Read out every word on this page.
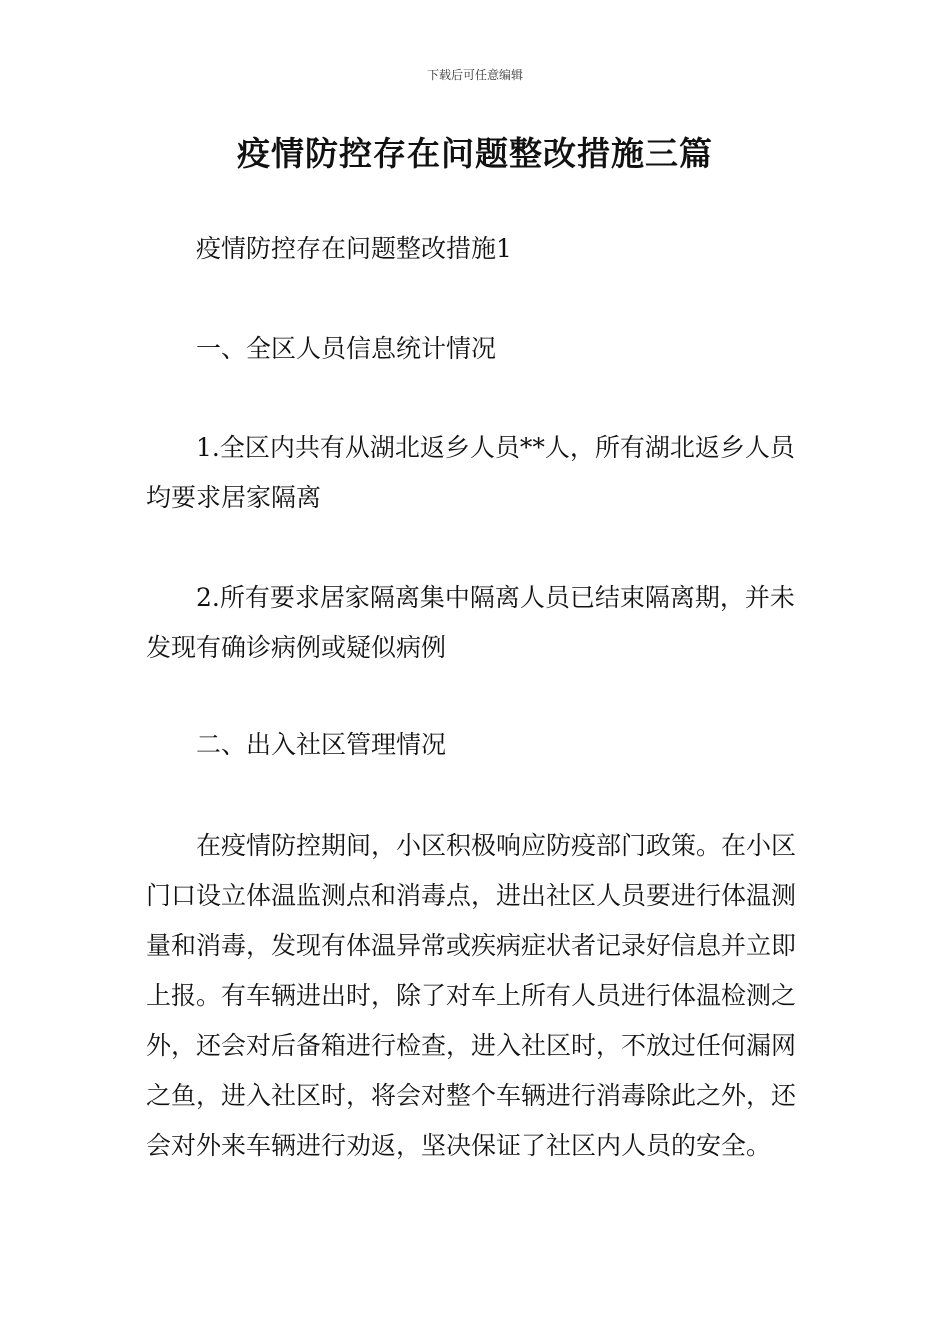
下载后可任意编辑
疫情防控存在问题整改措施三篇

疫情防控存在问题整改措施1

一、全区人员信息统计情况

1.全区内共有从湖北返乡人员**人，所有湖北返乡人员均要求居家隔离

2.所有要求居家隔离集中隔离人员已结束隔离期，并未发现有确诊病例或疑似病例

二、出入社区管理情况

在疫情防控期间，小区积极响应防疫部门政策。在小区门口设立体温监测点和消毒点，进出社区人员要进行体温测量和消毒，发现有体温异常或疾病症状者记录好信息并立即上报。有车辆进出时，除了对车上所有人员进行体温检测之外，还会对后备箱进行检查，进入社区时，不放过任何漏网之鱼，进入社区时，将会对整个车辆进行消毒除此之外，还会对外来车辆进行劝返，坚决保证了社区内人员的安全。
